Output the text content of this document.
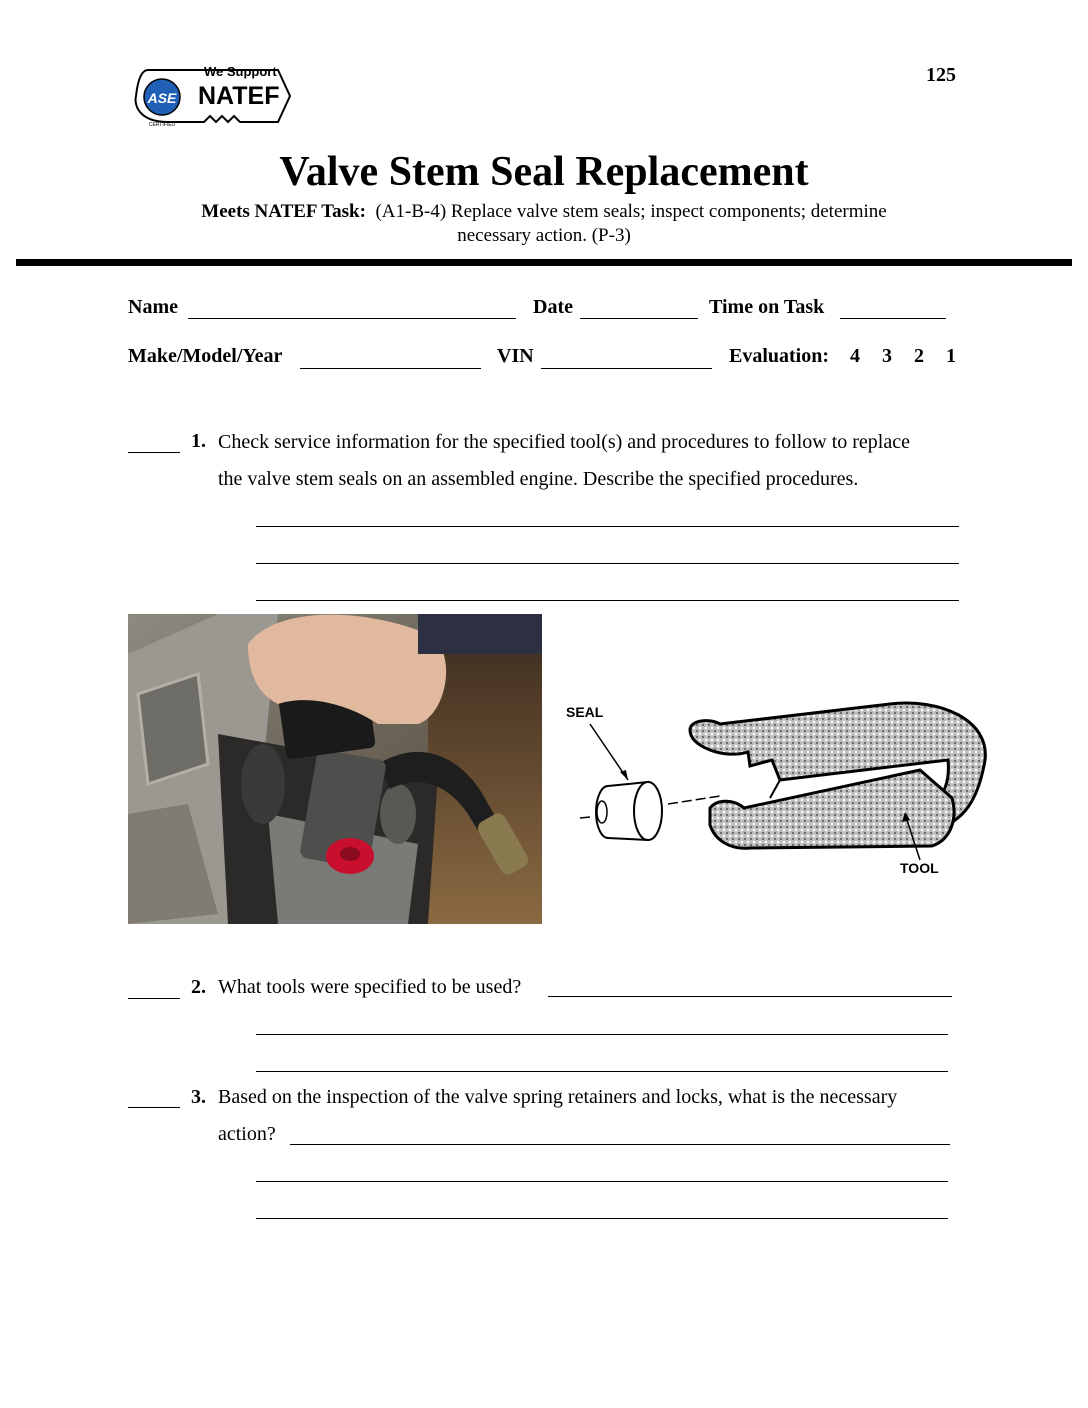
ASE
CERTIFIED
We Support
NATEF
125
Valve Stem Seal Replacement
Meets NATEF Task: (A1-B-4) Replace valve stem seals; inspect components; determine
necessary action. (P-3)
Name	Date	Time on Task
Make/Model/Year	VIN	Evaluation: 4 3 2 1
1. Check service information for the specified tool(s) and procedures to follow to replace
the valve stem seals on an assembled engine. Describe the specified procedures.
SEAL
TOOL
2. What tools were specified to be used?
3. Based on the inspection of the valve spring retainers and locks, what is the necessary
action?
